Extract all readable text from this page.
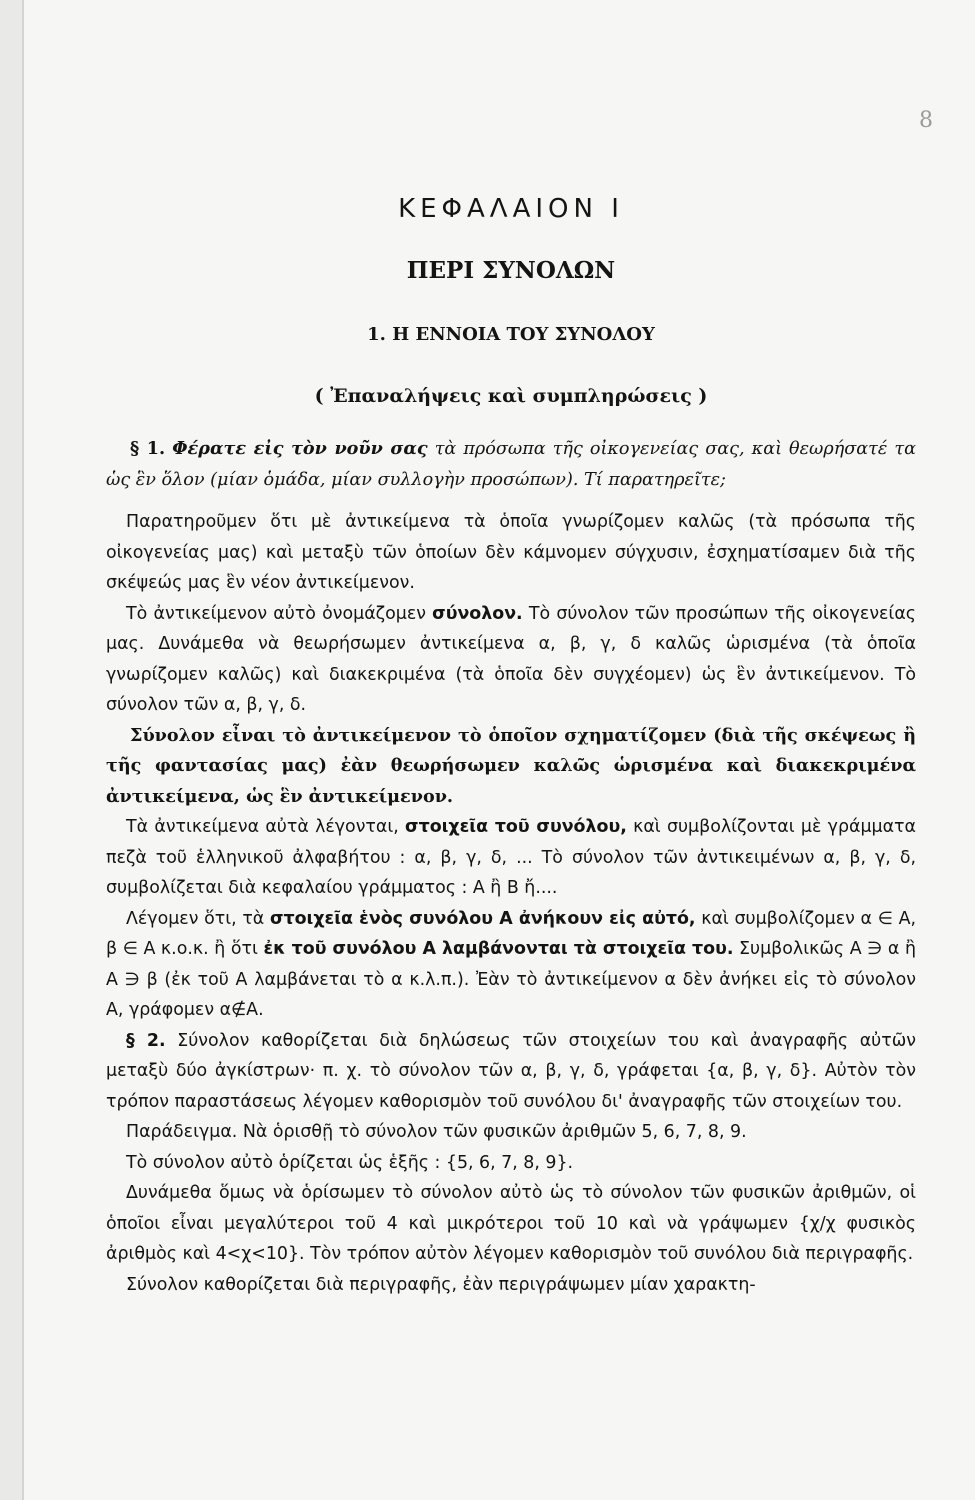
8
ΚΕΦΑΛΑΙΟΝ Ι
ΠΕΡΙ ΣΥΝΟΛΩΝ
1. Η ΕΝΝΟΙΑ ΤΟΥ ΣΥΝΟΛΟΥ
( Ἐπαναλήψεις καὶ συμπληρώσεις )

§ 1. Φέρατε εἰς τὸν νοῦν σας τὰ πρόσωπα τῆς οἰκογενείας σας, καὶ θεωρήσατέ τα ὡς ἓν ὅλον (μίαν ὁμάδα, μίαν συλλογὴν προσώπων). Τί παρατηρεῖτε;

Παρατηροῦμεν ὅτι μὲ ἀντικείμενα τὰ ὁποῖα γνωρίζομεν καλῶς (τὰ πρόσωπα τῆς οἰκογενείας μας) καὶ μεταξὺ τῶν ὁποίων δὲν κάμνομεν σύγχυσιν, ἐσχηματίσαμεν διὰ τῆς σκέψεώς μας ἓν νέον ἀντικείμενον.

Τὸ ἀντικείμενον αὐτὸ ὀνομάζομεν σύνολον. Τὸ σύνολον τῶν προσώπων τῆς οἰκογενείας μας. Δυνάμεθα νὰ θεωρήσωμεν ἀντικείμενα α, β, γ, δ καλῶς ὡρισμένα (τὰ ὁποῖα γνωρίζομεν καλῶς) καὶ διακεκριμένα (τὰ ὁποῖα δὲν συγχέομεν) ὡς ἓν ἀντικείμενον. Τὸ σύνολον τῶν α, β, γ, δ.

Σύνολον εἶναι τὸ ἀντικείμενον τὸ ὁποῖον σχηματίζομεν (διὰ τῆς σκέψεως ἢ τῆς φαντασίας μας) ἐὰν θεωρήσωμεν καλῶς ὡρισμένα καὶ διακεκριμένα ἀντικείμενα, ὡς ἓν ἀντικείμενον.

Τὰ ἀντικείμενα αὐτὰ λέγονται, στοιχεῖα τοῦ συνόλου, καὶ συμβολίζονται μὲ γράμματα πεζὰ τοῦ ἑλληνικοῦ ἀλφαβήτου : α, β, γ, δ, ... Τὸ σύνολον τῶν ἀντικειμένων α, β, γ, δ, συμβολίζεται διὰ κεφαλαίου γράμματος : Α ἢ Β ἤ....

Λέγομεν ὅτι, τὰ στοιχεῖα ἑνὸς συνόλου Α ἀνήκουν εἰς αὐτό, καὶ συμβολίζομεν α ∈ Α, β ∈ Α κ.ο.κ. ἢ ὅτι ἐκ τοῦ συνόλου Α λαμβάνονται τὰ στοιχεῖα του. Συμβολικῶς Α ∋ α ἢ Α ∋ β (ἐκ τοῦ Α λαμβάνεται τὸ α κ.λ.π.). Ἐὰν τὸ ἀντικείμενον α δὲν ἀνήκει εἰς τὸ σύνολον Α, γράφομεν α∉Α.

§ 2. Σύνολον καθορίζεται διὰ δηλώσεως τῶν στοιχείων του καὶ ἀναγραφῆς αὐτῶν μεταξὺ δύο ἀγκίστρων· π. χ. τὸ σύνολον τῶν α, β, γ, δ, γράφεται {α, β, γ, δ}. Αὐτὸν τὸν τρόπον παραστάσεως λέγομεν καθορισμὸν τοῦ συνόλου δι' ἀναγραφῆς τῶν στοιχείων του.

Παράδειγμα. Νὰ ὁρισθῇ τὸ σύνολον τῶν φυσικῶν ἀριθμῶν 5, 6, 7, 8, 9.

Τὸ σύνολον αὐτὸ ὁρίζεται ὡς ἑξῆς : {5, 6, 7, 8, 9}.

Δυνάμεθα ὅμως νὰ ὁρίσωμεν τὸ σύνολον αὐτὸ ὡς τὸ σύνολον τῶν φυσικῶν ἀριθμῶν, οἱ ὁποῖοι εἶναι μεγαλύτεροι τοῦ 4 καὶ μικρότεροι τοῦ 10 καὶ νὰ γράψωμεν {χ/χ φυσικὸς ἀριθμὸς καὶ 4<χ<10}. Τὸν τρόπον αὐτὸν λέγομεν καθορισμὸν τοῦ συνόλου διὰ περιγραφῆς.

Σύνολον καθορίζεται διὰ περιγραφῆς, ἐὰν περιγράψωμεν μίαν χαρακτη-
